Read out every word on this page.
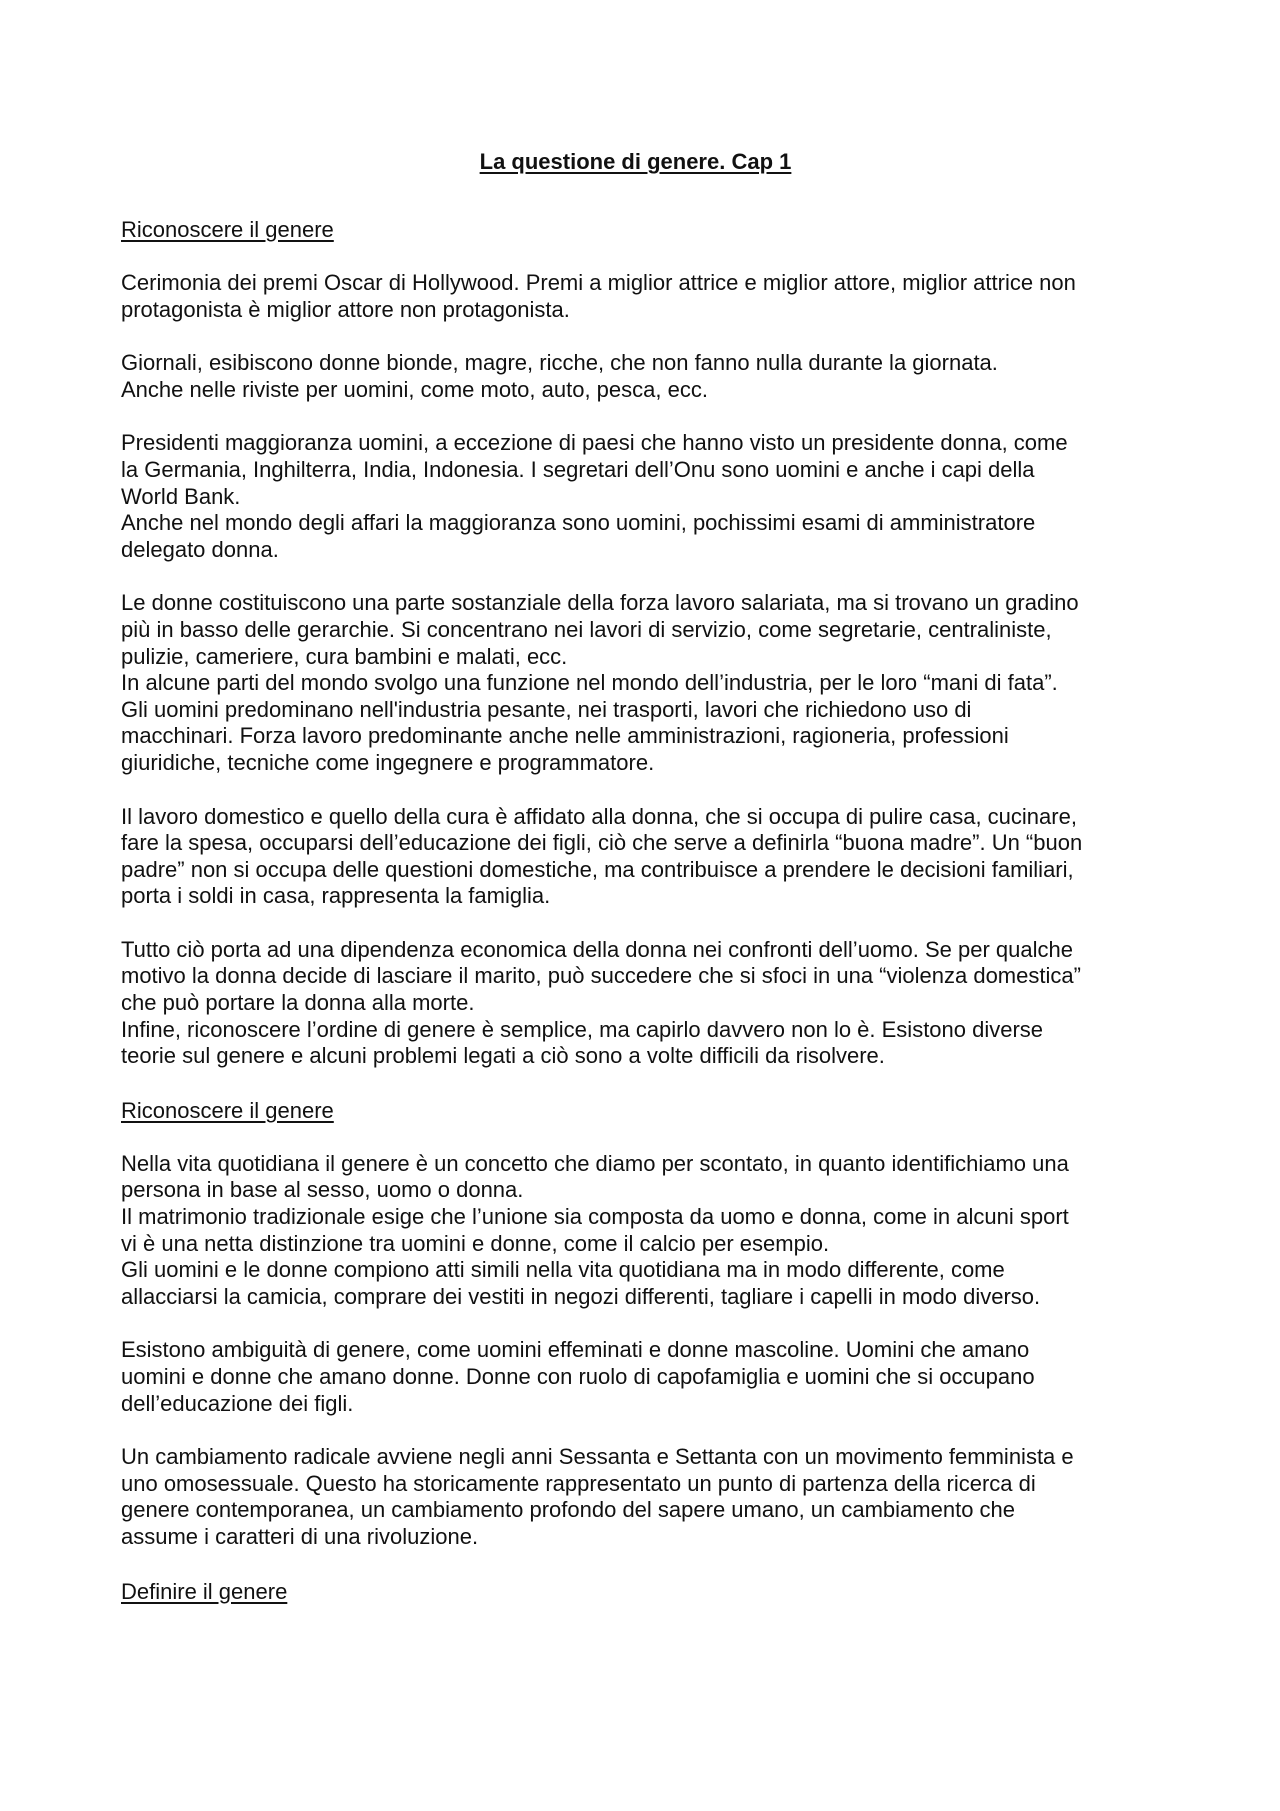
La questione di genere. Cap 1
Riconoscere il genere
Cerimonia dei premi Oscar di Hollywood. Premi a miglior attrice e miglior attore, miglior attrice non
protagonista è miglior attore non protagonista.
Giornali, esibiscono donne bionde, magre, ricche, che non fanno nulla durante la giornata.
Anche nelle riviste per uomini, come moto, auto, pesca, ecc.
Presidenti maggioranza uomini, a eccezione di paesi che hanno visto un presidente donna, come
la Germania, Inghilterra, India, Indonesia. I segretari dell’Onu sono uomini e anche i capi della
World Bank.
Anche nel mondo degli affari la maggioranza sono uomini, pochissimi esami di amministratore
delegato donna.
Le donne costituiscono una parte sostanziale della forza lavoro salariata, ma si trovano un gradino
più in basso delle gerarchie. Si concentrano nei lavori di servizio, come segretarie, centraliniste,
pulizie, cameriere, cura bambini e malati, ecc.
In alcune parti del mondo svolgo una funzione nel mondo dell’industria, per le loro “mani di fata”.
Gli uomini predominano nell'industria pesante, nei trasporti, lavori che richiedono uso di
macchinari. Forza lavoro predominante anche nelle amministrazioni, ragioneria, professioni
giuridiche, tecniche come ingegnere e programmatore.
Il lavoro domestico e quello della cura è affidato alla donna, che si occupa di pulire casa, cucinare,
fare la spesa, occuparsi dell’educazione dei figli, ciò che serve a definirla “buona madre”. Un “buon
padre” non si occupa delle questioni domestiche, ma contribuisce a prendere le decisioni familiari,
porta i soldi in casa, rappresenta la famiglia.
Tutto ciò porta ad una dipendenza economica della donna nei confronti dell’uomo. Se per qualche
motivo la donna decide di lasciare il marito, può succedere che si sfoci in una “violenza domestica”
che può portare la donna alla morte.
Infine, riconoscere l’ordine di genere è semplice, ma capirlo davvero non lo è. Esistono diverse
teorie sul genere e alcuni problemi legati a ciò sono a volte difficili da risolvere.
Riconoscere il genere
Nella vita quotidiana il genere è un concetto che diamo per scontato, in quanto identifichiamo una
persona in base al sesso, uomo o donna.
Il matrimonio tradizionale esige che l’unione sia composta da uomo e donna, come in alcuni sport
vi è una netta distinzione tra uomini e donne, come il calcio per esempio.
Gli uomini e le donne compiono atti simili nella vita quotidiana ma in modo differente, come
allacciarsi la camicia, comprare dei vestiti in negozi differenti, tagliare i capelli in modo diverso.
Esistono ambiguità di genere, come uomini effeminati e donne mascoline. Uomini che amano
uomini e donne che amano donne. Donne con ruolo di capofamiglia e uomini che si occupano
dell’educazione dei figli.
Un cambiamento radicale avviene negli anni Sessanta e Settanta con un movimento femminista e
uno omosessuale. Questo ha storicamente rappresentato un punto di partenza della ricerca di
genere contemporanea, un cambiamento profondo del sapere umano, un cambiamento che
assume i caratteri di una rivoluzione.
Definire il genere
